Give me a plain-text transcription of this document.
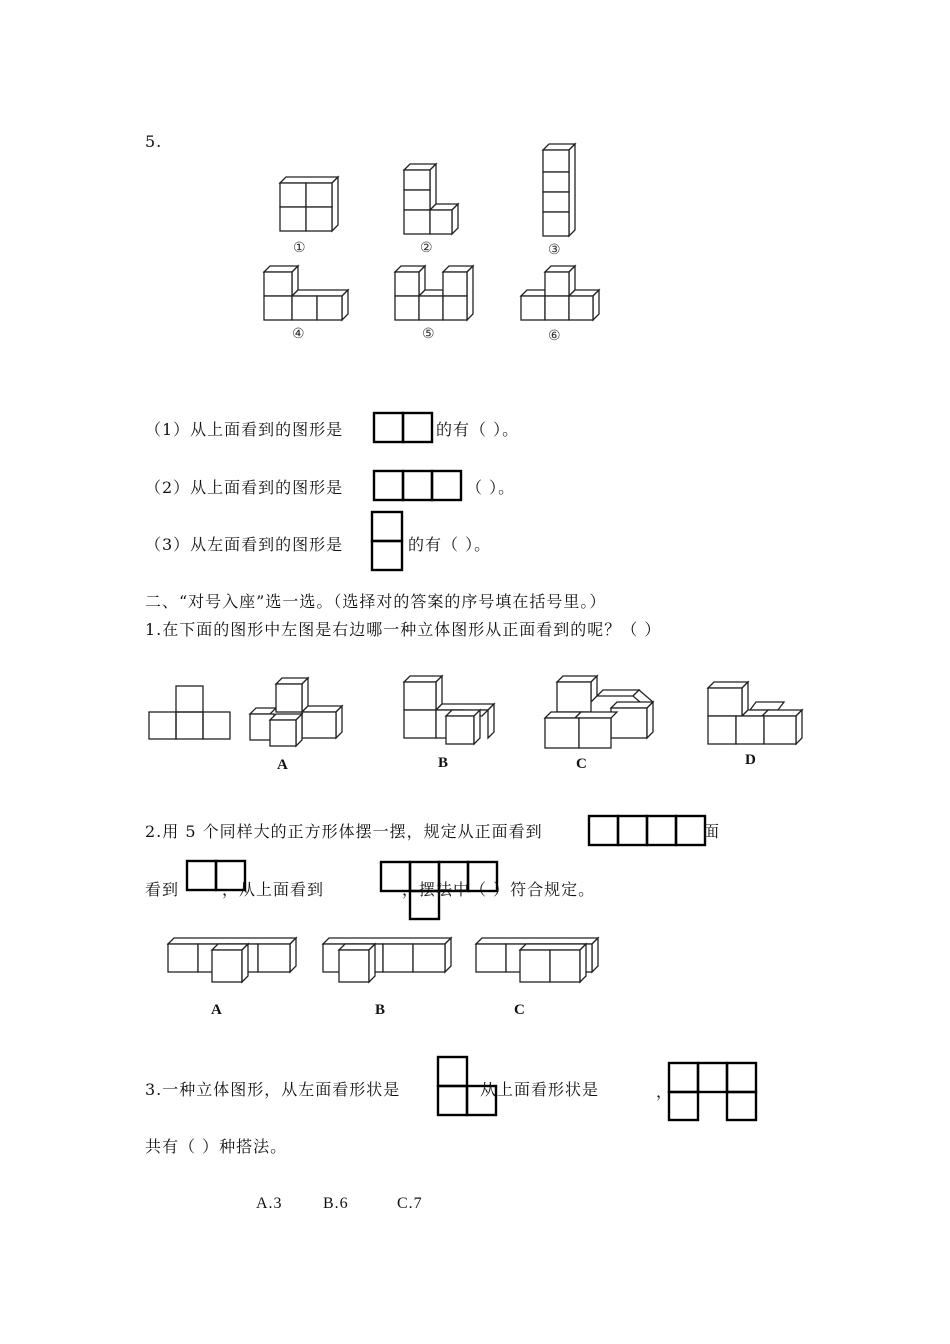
5.
①	②	③
④	⑤	⑥
（1）从上面看到的图形是	的有（ ）。
（2）从上面看到的图形是	（ ）。
（3）从左面看到的图形是	的有（ ）。
二、“对号入座”选一选。（选择对的答案的序号填在括号里。）
1.在下面的图形中左图是右边哪一种立体图形从正面看到的呢？（ ）
A	B	C	D
2.用 5 个同样大的正方形体摆一摆，规定从正面看到	面
看到	，从上面看到	，摆法中（ ）符合规定。
A	B	C
3.一种立体图形，从左面看形状是	从上面看形状是	，
共有（ ）种搭法。
A.3	B.6	C.7
